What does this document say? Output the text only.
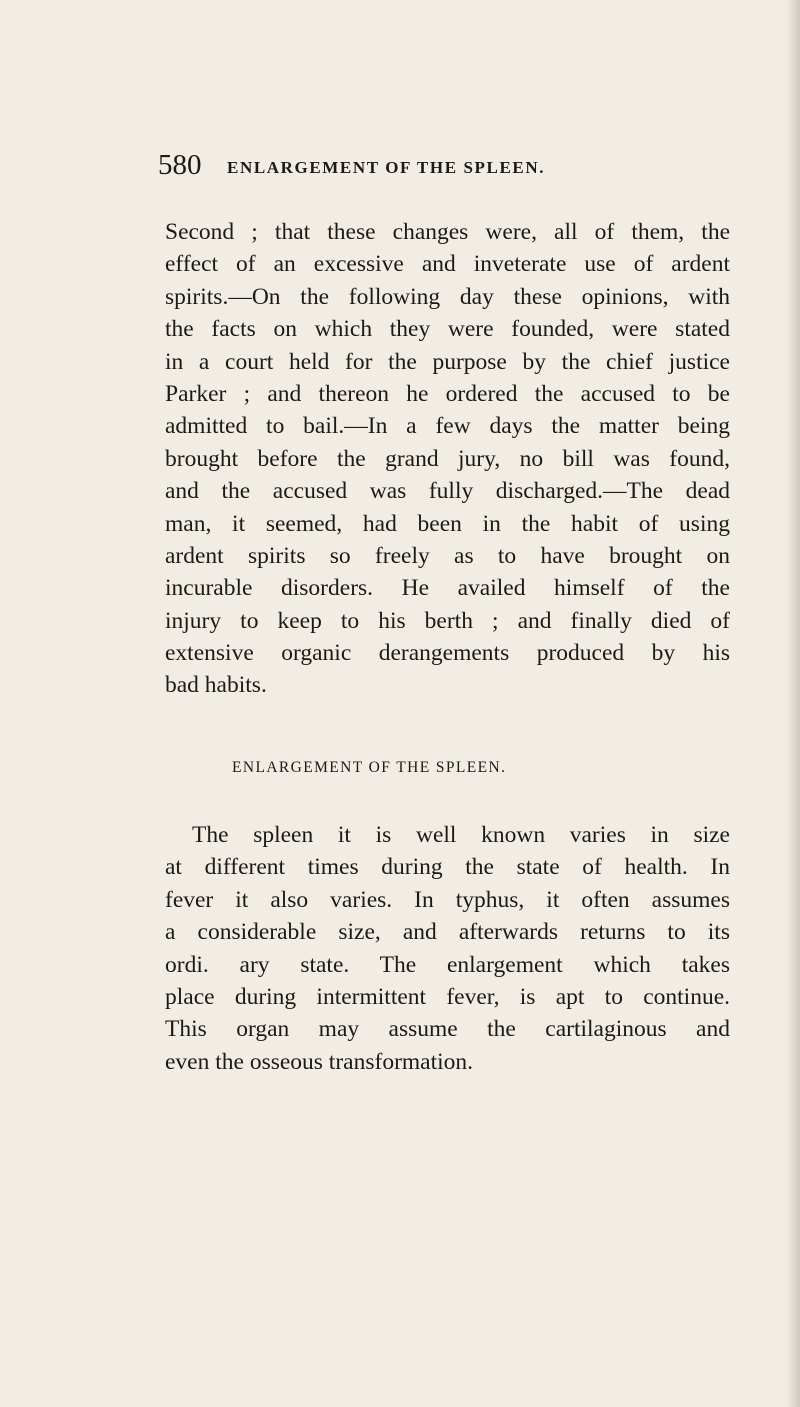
580 ENLARGEMENT OF THE SPLEEN.
Second ; that these changes were, all of them, the
effect of an excessive and inveterate use of ardent
spirits.—On the following day these opinions, with
the facts on which they were founded, were stated
in a court held for the purpose by the chief justice
Parker ; and thereon he ordered the accused to be
admitted to bail.—In a few days the matter being
brought before the grand jury, no bill was found,
and the accused was fully discharged.—The dead
man, it seemed, had been in the habit of using
ardent spirits so freely as to have brought on
incurable disorders. He availed himself of the
injury to keep to his berth ; and finally died of
extensive organic derangements produced by his
bad habits.
ENLARGEMENT OF THE SPLEEN.
The spleen it is well known varies in size
at different times during the state of health. In
fever it also varies. In typhus, it often assumes
a considerable size, and afterwards returns to its
ordi. ary state. The enlargement which takes
place during intermittent fever, is apt to continue.
This organ may assume the cartilaginous and
even the osseous transformation.
